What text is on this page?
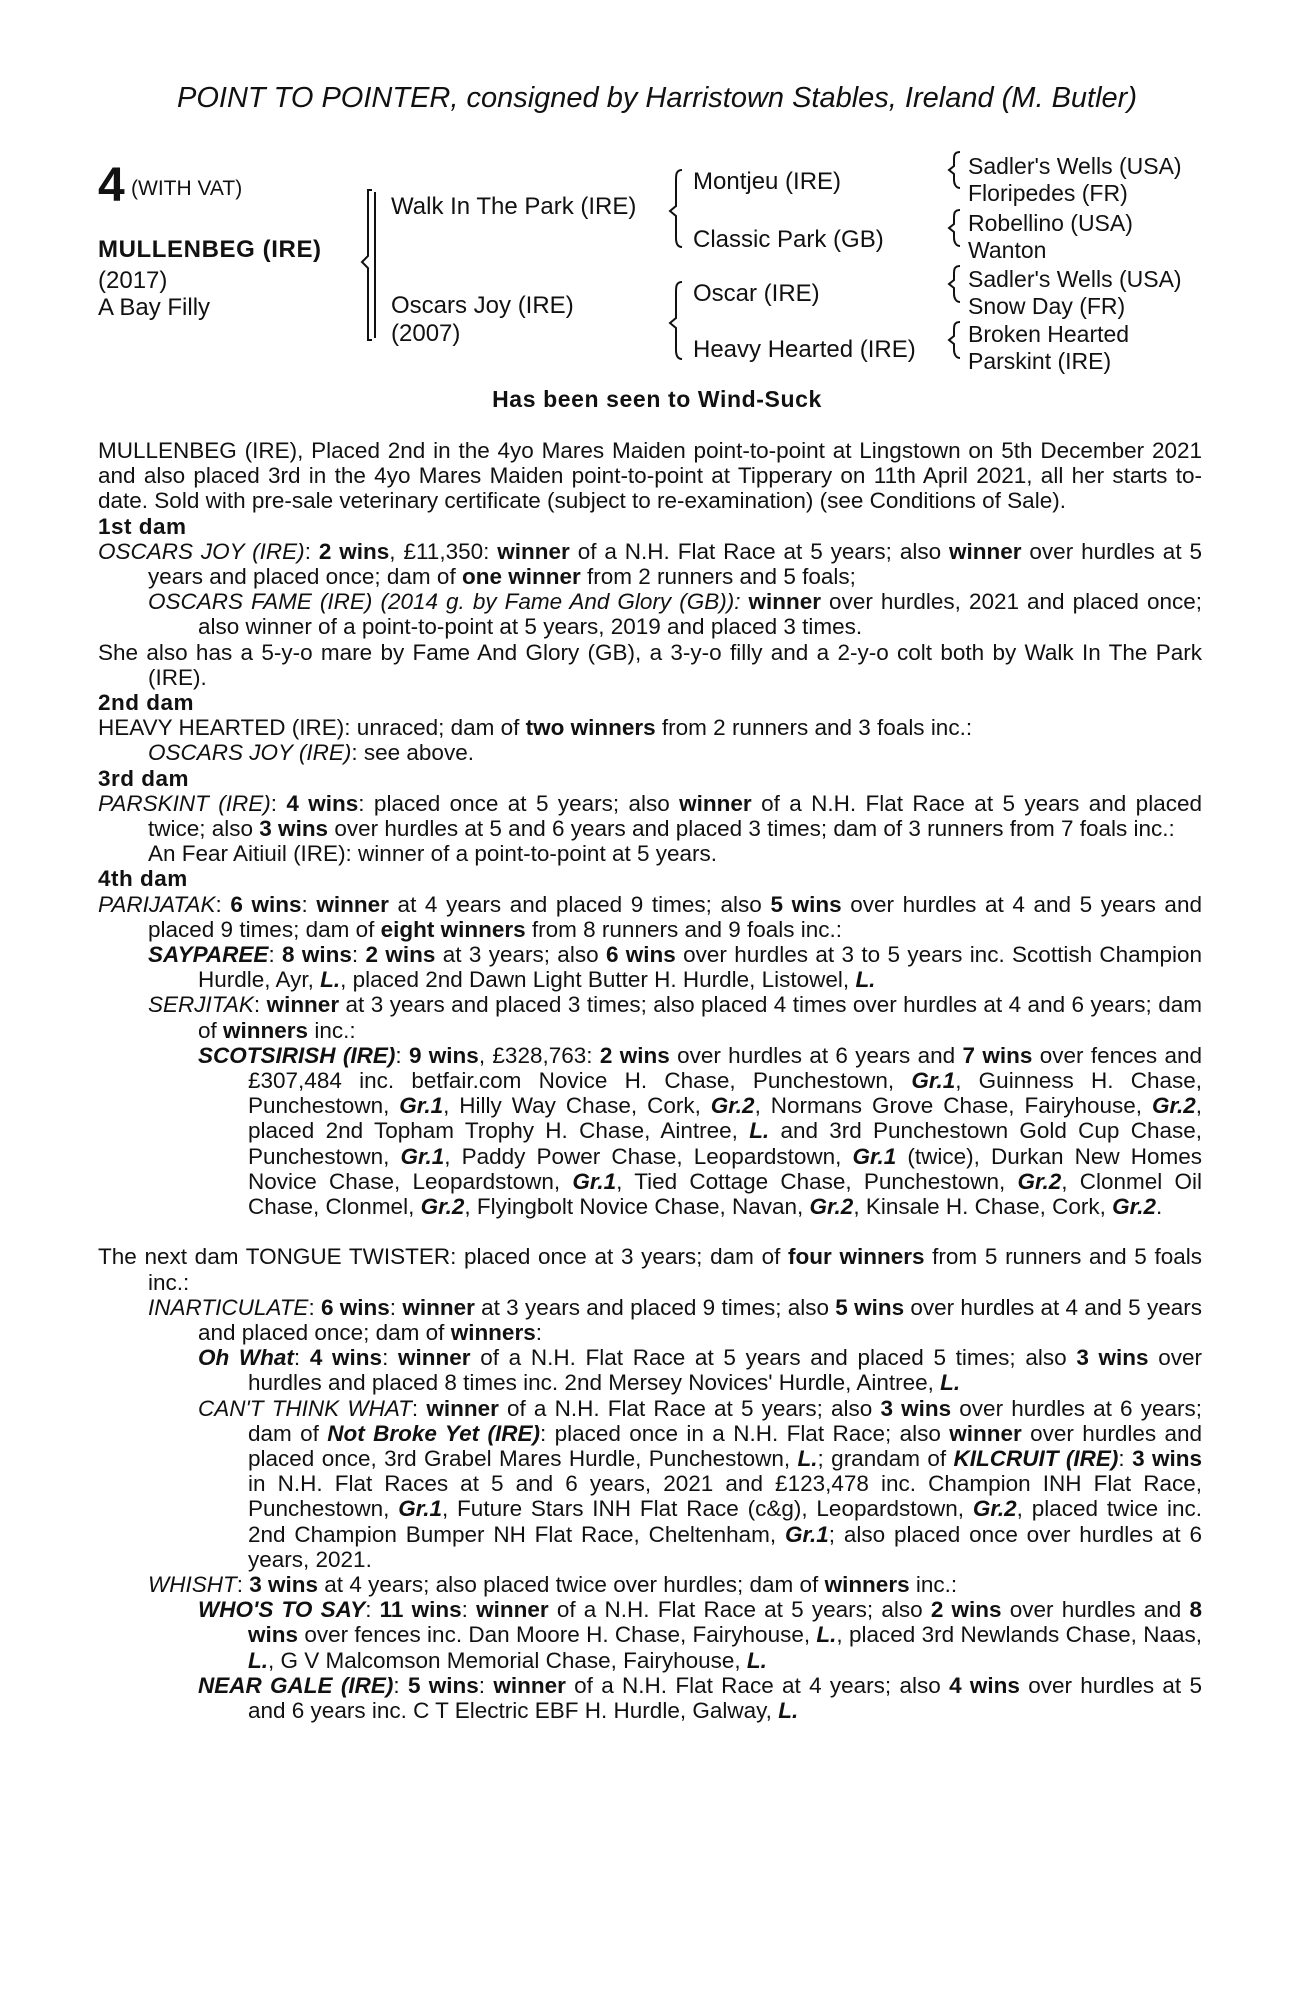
POINT TO POINTER, consigned by Harristown Stables, Ireland (M. Butler)
4 (WITH VAT)
MULLENBEG (IRE)
(2017)
A Bay Filly
Walk In The Park (IRE)
Oscars Joy (IRE)
(2007)
Montjeu (IRE)
Classic Park (GB)
Oscar (IRE)
Heavy Hearted (IRE)
Sadler's Wells (USA)
Floripedes (FR)
Robellino (USA)
Wanton
Sadler's Wells (USA)
Snow Day (FR)
Broken Hearted
Parskint (IRE)
Has been seen to Wind-Suck

MULLENBEG (IRE), Placed 2nd in the 4yo Mares Maiden point-to-point at Lingstown on 5th December 2021 and also placed 3rd in the 4yo Mares Maiden point-to-point at Tipperary on 11th April 2021, all her starts to-date. Sold with pre-sale veterinary certificate (subject to re-examination) (see Conditions of Sale).

1st dam

OSCARS JOY (IRE): 2 wins, £11,350: winner of a N.H. Flat Race at 5 years; also winner over hurdles at 5 years and placed once; dam of one winner from 2 runners and 5 foals;

OSCARS FAME (IRE) (2014 g. by Fame And Glory (GB)): winner over hurdles, 2021 and placed once; also winner of a point-to-point at 5 years, 2019 and placed 3 times.

She also has a 5-y-o mare by Fame And Glory (GB), a 3-y-o filly and a 2-y-o colt both by Walk In The Park (IRE).

2nd dam

HEAVY HEARTED (IRE): unraced; dam of two winners from 2 runners and 3 foals inc.:

OSCARS JOY (IRE): see above.

3rd dam

PARSKINT (IRE): 4 wins: placed once at 5 years; also winner of a N.H. Flat Race at 5 years and placed twice; also 3 wins over hurdles at 5 and 6 years and placed 3 times; dam of 3 runners from 7 foals inc.:

An Fear Aitiuil (IRE): winner of a point-to-point at 5 years.

4th dam

PARIJATAK: 6 wins: winner at 4 years and placed 9 times; also 5 wins over hurdles at 4 and 5 years and placed 9 times; dam of eight winners from 8 runners and 9 foals inc.:

SAYPAREE: 8 wins: 2 wins at 3 years; also 6 wins over hurdles at 3 to 5 years inc. Scottish Champion Hurdle, Ayr, L., placed 2nd Dawn Light Butter H. Hurdle, Listowel, L.

SERJITAK: winner at 3 years and placed 3 times; also placed 4 times over hurdles at 4 and 6 years; dam of winners inc.:

SCOTSIRISH (IRE): 9 wins, £328,763: 2 wins over hurdles at 6 years and 7 wins over fences and £307,484 inc. betfair.com Novice H. Chase, Punchestown, Gr.1, Guinness H. Chase, Punchestown, Gr.1, Hilly Way Chase, Cork, Gr.2, Normans Grove Chase, Fairyhouse, Gr.2, placed 2nd Topham Trophy H. Chase, Aintree, L. and 3rd Punchestown Gold Cup Chase, Punchestown, Gr.1, Paddy Power Chase, Leopardstown, Gr.1 (twice), Durkan New Homes Novice Chase, Leopardstown, Gr.1, Tied Cottage Chase, Punchestown, Gr.2, Clonmel Oil Chase, Clonmel, Gr.2, Flyingbolt Novice Chase, Navan, Gr.2, Kinsale H. Chase, Cork, Gr.2.

The next dam TONGUE TWISTER: placed once at 3 years; dam of four winners from 5 runners and 5 foals inc.:

INARTICULATE: 6 wins: winner at 3 years and placed 9 times; also 5 wins over hurdles at 4 and 5 years and placed once; dam of winners:

Oh What: 4 wins: winner of a N.H. Flat Race at 5 years and placed 5 times; also 3 wins over hurdles and placed 8 times inc. 2nd Mersey Novices' Hurdle, Aintree, L.

CAN'T THINK WHAT: winner of a N.H. Flat Race at 5 years; also 3 wins over hurdles at 6 years; dam of Not Broke Yet (IRE): placed once in a N.H. Flat Race; also winner over hurdles and placed once, 3rd Grabel Mares Hurdle, Punchestown, L.; grandam of KILCRUIT (IRE): 3 wins in N.H. Flat Races at 5 and 6 years, 2021 and £123,478 inc. Champion INH Flat Race, Punchestown, Gr.1, Future Stars INH Flat Race (c&g), Leopardstown, Gr.2, placed twice inc. 2nd Champion Bumper NH Flat Race, Cheltenham, Gr.1; also placed once over hurdles at 6 years, 2021.

WHISHT: 3 wins at 4 years; also placed twice over hurdles; dam of winners inc.:

WHO'S TO SAY: 11 wins: winner of a N.H. Flat Race at 5 years; also 2 wins over hurdles and 8 wins over fences inc. Dan Moore H. Chase, Fairyhouse, L., placed 3rd Newlands Chase, Naas, L., G V Malcomson Memorial Chase, Fairyhouse, L.

NEAR GALE (IRE): 5 wins: winner of a N.H. Flat Race at 4 years; also 4 wins over hurdles at 5 and 6 years inc. C T Electric EBF H. Hurdle, Galway, L.
